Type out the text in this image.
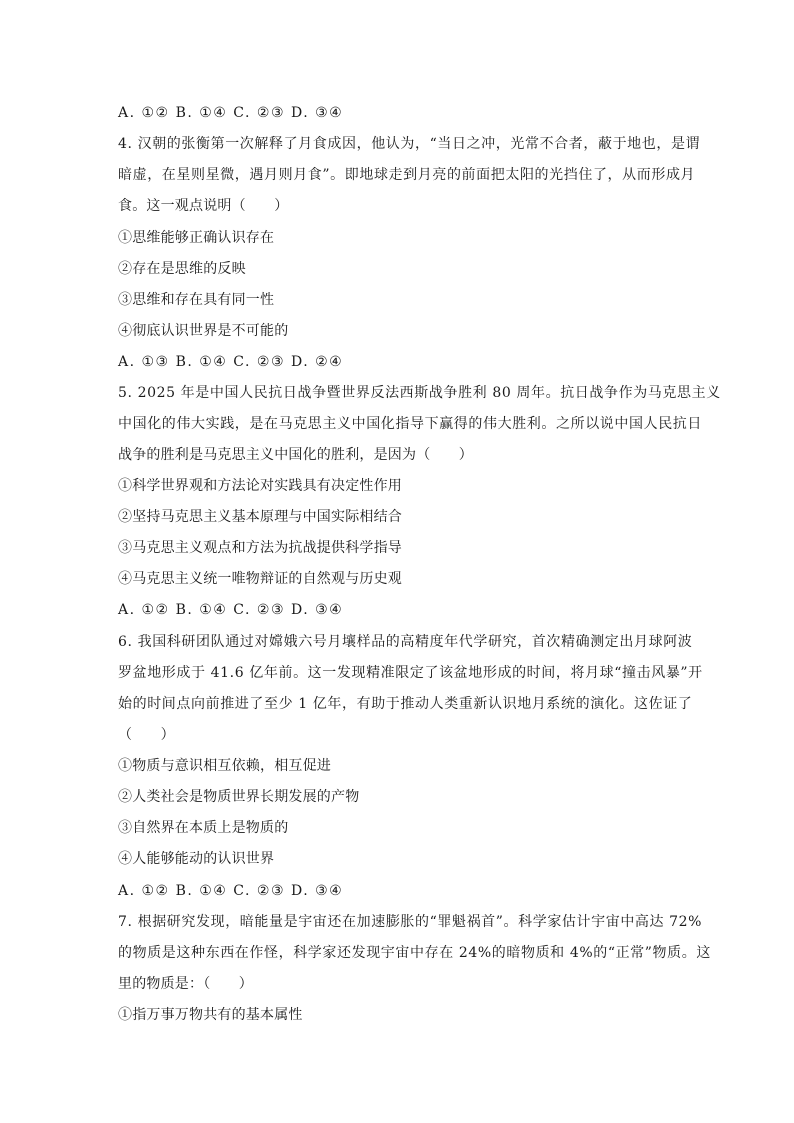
A. ①② B. ①④ C. ②③ D. ③④
4. 汉朝的张衡第一次解释了月食成因，他认为，“当日之冲，光常不合者，蔽于地也，是谓
暗虚，在星则星微，遇月则月食”。即地球走到月亮的前面把太阳的光挡住了，从而形成月
食。这一观点说明（　　）
①思维能够正确认识存在
②存在是思维的反映
③思维和存在具有同一性
④彻底认识世界是不可能的
A. ①③ B. ①④ C. ②③ D. ②④
5. 2025 年是中国人民抗日战争暨世界反法西斯战争胜利 80 周年。抗日战争作为马克思主义
中国化的伟大实践，是在马克思主义中国化指导下赢得的伟大胜利。之所以说中国人民抗日
战争的胜利是马克思主义中国化的胜利，是因为（　　）
①科学世界观和方法论对实践具有决定性作用
②坚持马克思主义基本原理与中国实际相结合
③马克思主义观点和方法为抗战提供科学指导
④马克思主义统一唯物辩证的自然观与历史观
A. ①② B. ①④ C. ②③ D. ③④
6. 我国科研团队通过对嫦娥六号月壤样品的高精度年代学研究，首次精确测定出月球阿波
罗盆地形成于 41.6 亿年前。这一发现精准限定了该盆地形成的时间，将月球“撞击风暴”开
始的时间点向前推进了至少 1 亿年，有助于推动人类重新认识地月系统的演化。这佐证了
（　　）
①物质与意识相互依赖，相互促进
②人类社会是物质世界长期发展的产物
③自然界在本质上是物质的
④人能够能动的认识世界
A. ①② B. ①④ C. ②③ D. ③④
7. 根据研究发现，暗能量是宇宙还在加速膨胀的“罪魁祸首”。科学家估计宇宙中高达 72%
的物质是这种东西在作怪，科学家还发现宇宙中存在 24%的暗物质和 4%的“正常”物质。这
里的物质是：（　　）
①指万事万物共有的基本属性
